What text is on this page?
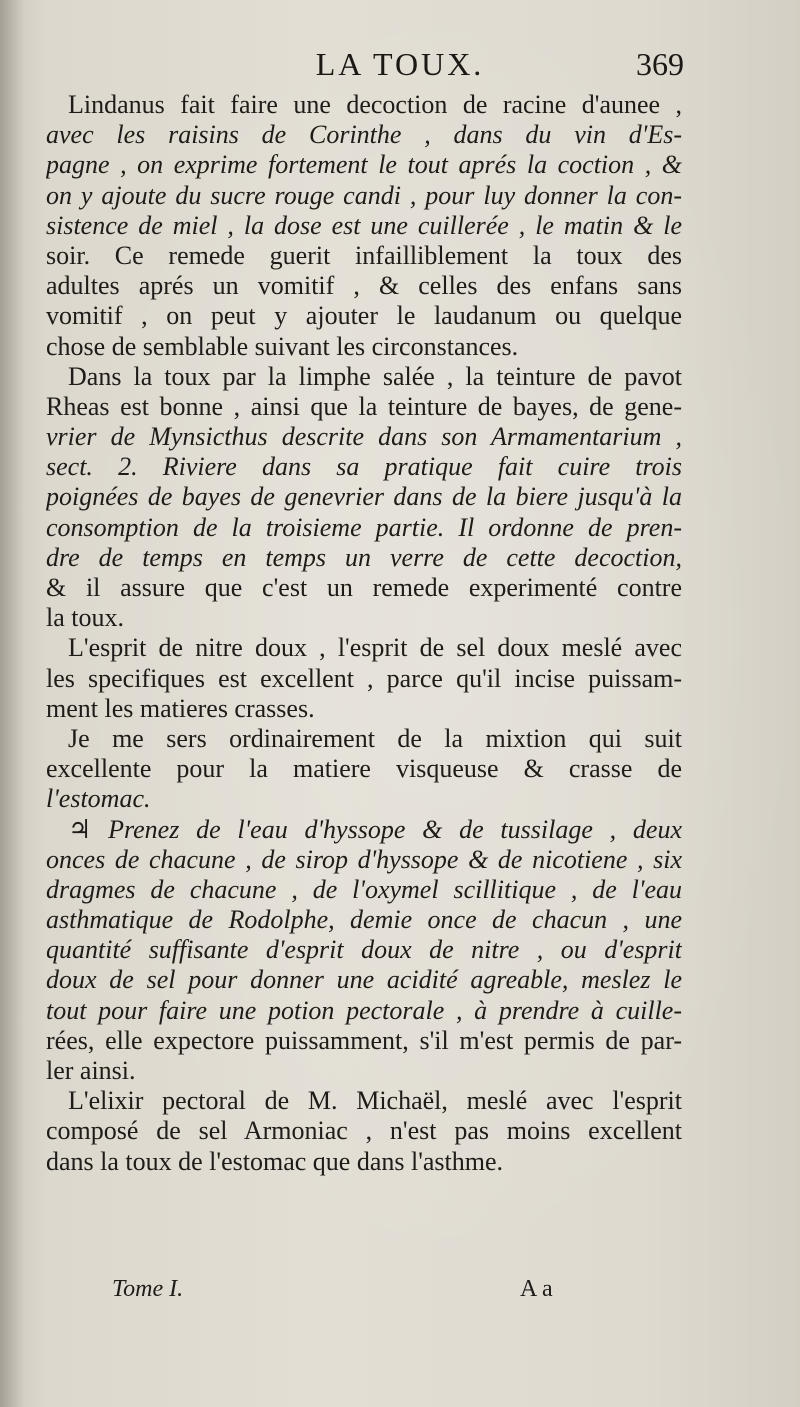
LA TOUX.	369
Lindanus fait faire une decoction de racine d'aunee ,
avec les raisins de Corinthe , dans du vin d'Es-
pagne , on exprime fortement le tout aprés la coction , &
on y ajoute du sucre rouge candi , pour luy donner la con-
sistence de miel , la dose est une cuillerée , le matin & le
soir. Ce remede guerit infailliblement la toux des
adultes aprés un vomitif , & celles des enfans sans
vomitif , on peut y ajouter le laudanum ou quelque
chose de semblable suivant les circonstances.
Dans la toux par la limphe salée , la teinture de pavot
Rheas est bonne , ainsi que la teinture de bayes, de gene-
vrier de Mynsicthus descrite dans son Armamentarium ,
sect. 2. Riviere dans sa pratique fait cuire trois
poignées de bayes de genevrier dans de la biere jusqu'à la
consomption de la troisieme partie. Il ordonne de pren-
dre de temps en temps un verre de cette decoction,
& il assure que c'est un remede experimenté contre
la toux.
L'esprit de nitre doux , l'esprit de sel doux meslé avec
les specifiques est excellent , parce qu'il incise puissam-
ment les matieres crasses.
Je me sers ordinairement de la mixtion qui suit
excellente pour la matiere visqueuse & crasse de
l'estomac.
♃ Prenez de l'eau d'hyssope & de tussilage , deux
onces de chacune , de sirop d'hyssope & de nicotiene , six
dragmes de chacune , de l'oxymel scillitique , de l'eau
asthmatique de Rodolphe, demie once de chacun , une
quantité suffisante d'esprit doux de nitre , ou d'esprit
doux de sel pour donner une acidité agreable, meslez le
tout pour faire une potion pectorale , à prendre à cuille-
rées, elle expectore puissamment, s'il m'est permis de par-
ler ainsi.
L'elixir pectoral de M. Michaël, meslé avec l'esprit
composé de sel Armoniac , n'est pas moins excellent
dans la toux de l'estomac que dans l'asthme.
Tome I.	A a
